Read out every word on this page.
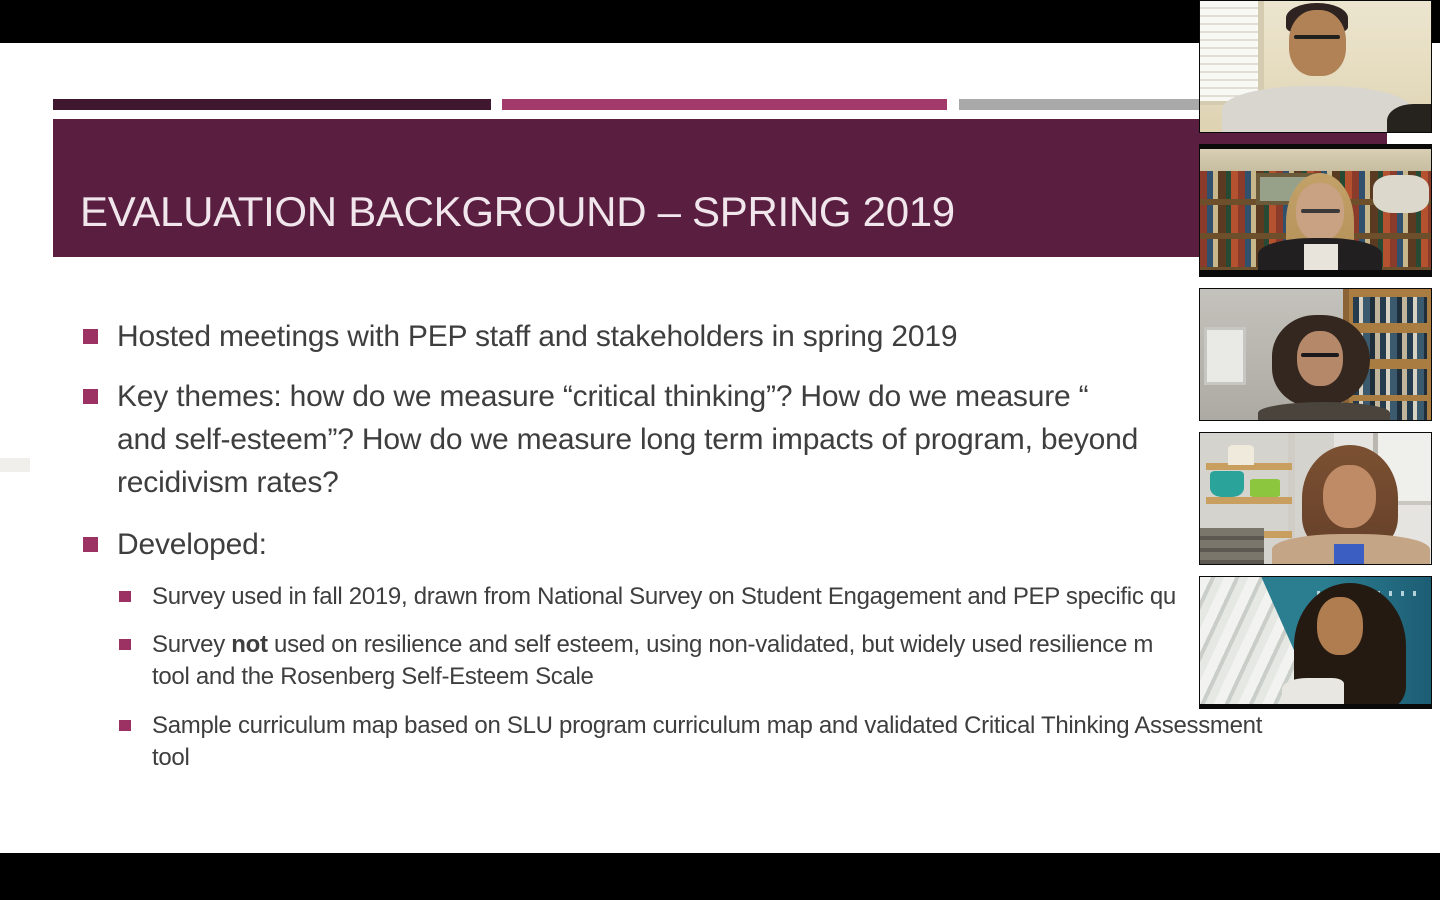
EVALUATION BACKGROUND – SPRING 2019
Hosted meetings with PEP staff and stakeholders in spring 2019
Key themes: how do we measure “critical thinking”? How do we measure “
and self-esteem”? How do we measure long term impacts of program, beyond
recidivism rates?
Developed:
Survey used in fall 2019, drawn from National Survey on Student Engagement and PEP specific qu
Survey not used on resilience and self esteem, using non-validated, but widely used resilience m
tool and the Rosenberg Self-Esteem Scale
Sample curriculum map based on SLU program curriculum map and validated Critical Thinking Assessment
tool
